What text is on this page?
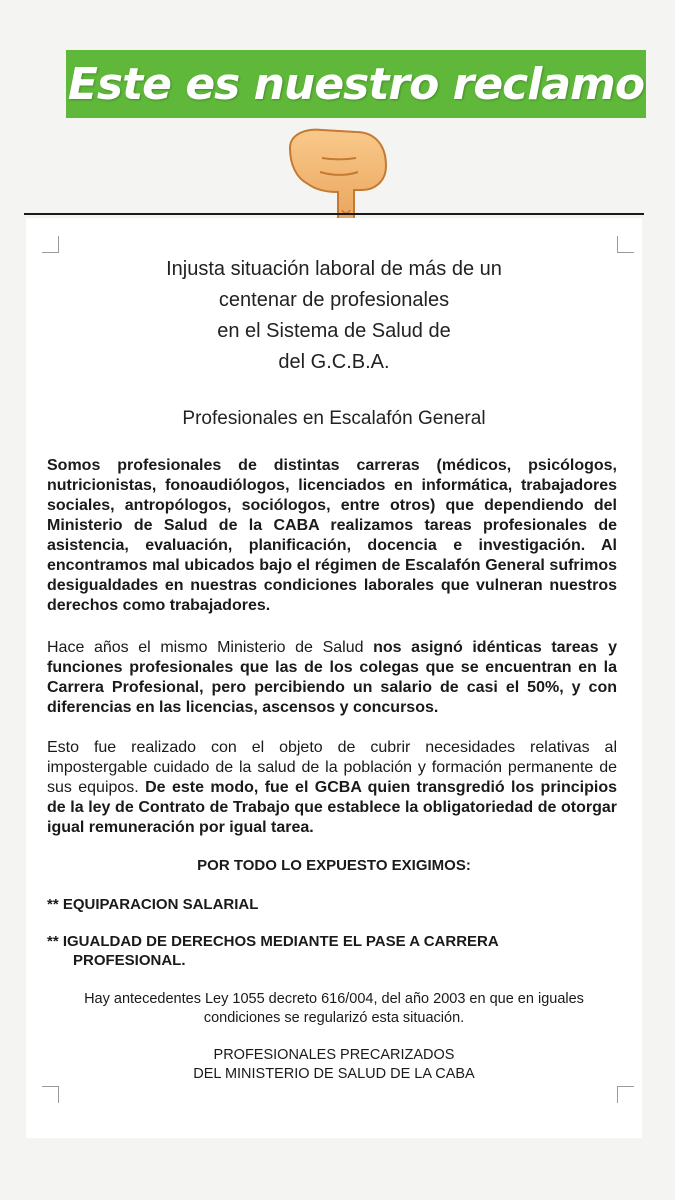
Este es nuestro reclamo
Injusta situación laboral de más de un
centenar de profesionales
en el Sistema de Salud de
del G.C.B.A.
Profesionales en Escalafón General
Somos profesionales de distintas carreras (médicos, psicólogos, nutricionistas, fonoaudiólogos, licenciados en informática, trabajadores sociales, antropólogos, sociólogos, entre otros) que dependiendo del Ministerio de Salud de la CABA realizamos tareas profesionales de asistencia, evaluación, planificación, docencia e investigación. Al encontramos mal ubicados bajo el régimen de Escalafón General sufrimos desigualdades en nuestras condiciones laborales que vulneran nuestros derechos como trabajadores.
Hace años el mismo Ministerio de Salud nos asignó idénticas tareas y funciones profesionales que las de los colegas que se encuentran en la Carrera Profesional, pero percibiendo un salario de casi el 50%, y con diferencias en las licencias, ascensos y concursos.
Esto fue realizado con el objeto de cubrir necesidades relativas al impostergable cuidado de la salud de la población y formación permanente de sus equipos. De este modo, fue el GCBA quien transgredió los principios de la ley de Contrato de Trabajo que establece la obligatoriedad de otorgar igual remuneración por igual tarea.
POR TODO LO EXPUESTO EXIGIMOS:
** EQUIPARACION SALARIAL
** IGUALDAD DE DERECHOS MEDIANTE EL PASE A CARRERA
PROFESIONAL.
Hay antecedentes Ley 1055 decreto 616/004, del año 2003 en que en iguales
condiciones se regularizó esta situación.
PROFESIONALES PRECARIZADOS
DEL MINISTERIO DE SALUD DE LA CABA
